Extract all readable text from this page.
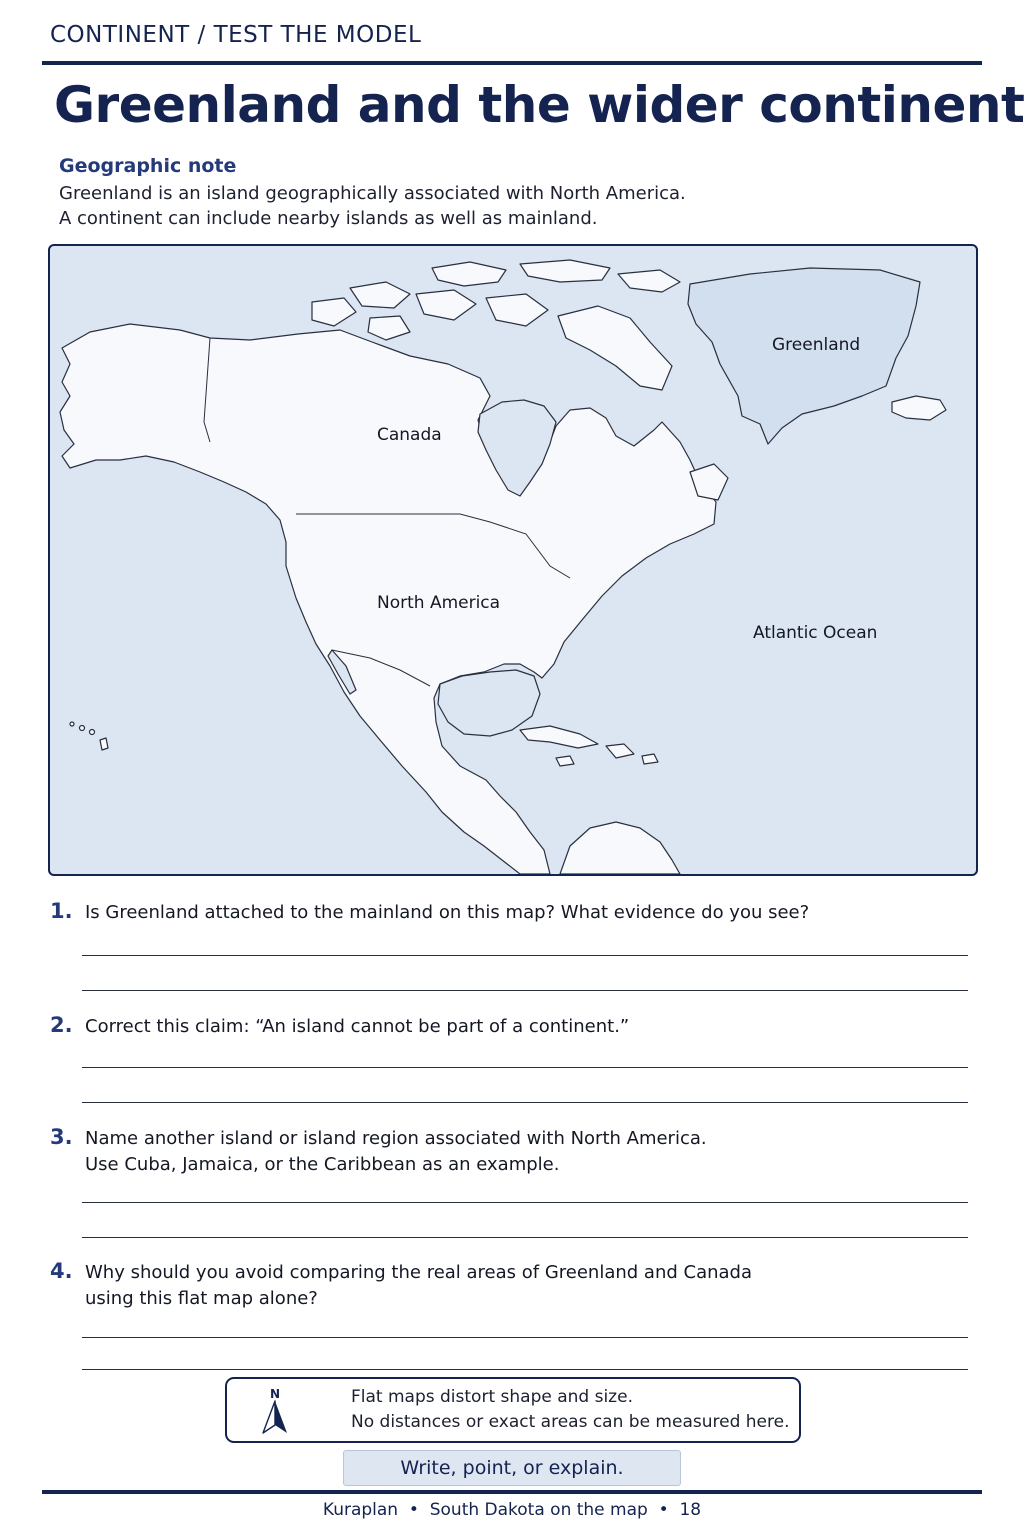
CONTINENT / TEST THE MODEL
Greenland and the wider continent
Geographic note
Greenland is an island geographically associated with North America.
A continent can include nearby islands as well as mainland.
Greenland
Canada
North America
Atlantic Ocean
1. Is Greenland attached to the mainland on this map? What evidence do you see?
2. Correct this claim: “An island cannot be part of a continent.”
3. Name another island or island region associated with North America.
Use Cuba, Jamaica, or the Caribbean as an example.
4. Why should you avoid comparing the real areas of Greenland and Canada
using this flat map alone?
N	Flat maps distort shape and size.
No distances or exact areas can be measured here.
Write, point, or explain.
Kuraplan  •  South Dakota on the map  •  18
